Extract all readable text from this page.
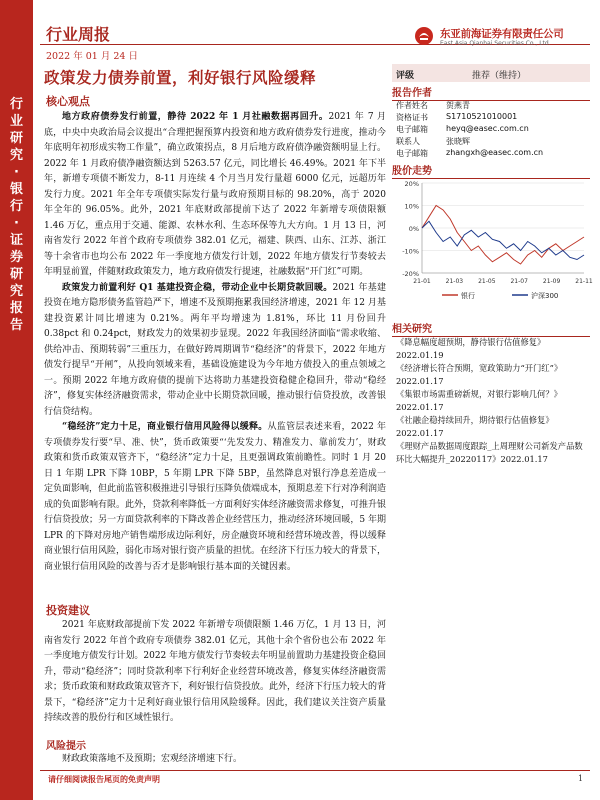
行
业
研
究
·
银
行
·
证
券
研
究
报
告
行业周报
2022 年 01 月 24 日
东亚前海证券有限责任公司
East Asia Qianhai Securities Co., Ltd.
政策发力债券前置，利好银行风险缓释
核心观点

地方政府债券发行前置，静待 2022 年 1 月社融数据再回升。2021 年 7 月底，中央中央政治局会议提出“合理把握预算内投资和地方政府债券发行进度，推动今年底明年初形成实物工作量”，确立政策拐点，8 月后地方政府债净融资额明显上行。2022 年 1 月政府债净融资额达到 5263.57 亿元，同比增长 46.49%。2021 年下半年，新增专项债不断发力，8-11 月连续 4 个月当月发行量超 6000 亿元，远超历年发行力度。2021 年全年专项债实际发行量与政府预期目标的 98.20%，高于 2020 年全年的 96.05%。此外，2021 年底财政部提前下达了 2022 年新增专项债限额 1.46 万亿，重点用于交通、能源、农林水利、生态环保等九大方向。1 月 13 日，河南省发行 2022 年首个政府专项债券 382.01 亿元，福建、陕西、山东、江苏、浙江等十余省市也均公布 2022 年一季度地方债发行计划，2022 年地方债发行节奏较去年明显前置，伴随财政政策发力，地方政府债发行提速，社融数据“开门红”可期。

政策发力前置利好 Q1 基建投资企稳，带动企业中长期贷款回暖。2021 年基建投资在地方隐形债务监管趋严下，增速不及预期拖累我国经济增速，2021 年 12 月基建投资累计同比增速为 0.21%。两年平均增速为 1.81%，环比 11 月份回升 0.38pct 和 0.24pct，财政发力的效果初步显现。2022 年我国经济面临“需求收缩、供给冲击、预期转弱”三重压力，在做好跨周期调节“稳经济”的背景下，2022 年地方债发行提早“开闸”，从投向领域来看，基础设施建设为今年地方债投入的重点领域之一。预期 2022 年地方政府债的提前下达将助力基建投资稳健企稳回升，带动“稳经济”，修复实体经济融资需求，带动企业中长期贷款回暖，推动银行信贷投放，改善银行信贷结构。

“稳经济”定力十足，商业银行信用风险得以缓释。从监管层表述来看，2022 年专项债券发行要“早、准、快”，货币政策要“‘先发发力、精准发力、靠前发力’，财政政策和货币政策双管齐下，“稳经济”定力十足，且更强调政策前瞻性。同时 1 月 20 日 1 年期 LPR 下降 10BP，5 年期 LPR 下降 5BP，虽然降息对银行净息差造成一定负面影响，但此前监管积极推进引导银行压降负债端成本，预期息差下行对净利润造成的负面影响有限。此外，贷款利率降低一方面利好实体经济融资需求修复，可推升银行信贷投放；另一方面贷款利率的下降改善企业经营压力，推动经济环境回暖，5 年期 LPR 的下降对房地产销售端形成边际利好，房企融资环境和经营环境改善，得以缓释商业银行信用风险，弱化市场对银行资产质量的担忧。在经济下行压力较大的背景下，商业银行信用风险的改善与否才是影响银行基本面的关键因素。

投资建议

2021 年底财政部提前下发 2022 年新增专项债限额 1.46 万亿，1 月 13 日，河南省发行 2022 年首个政府专项债券 382.01 亿元，其他十余个省份也公布 2022 年一季度地方债发行计划。2022 年地方债发行节奏较去年明显前置助力基建投资企稳回升，带动“稳经济”；同时贷款利率下行利好企业经营环境改善，修复实体经济融资需求；货币政策和财政政策双管齐下，利好银行信贷投放。此外，经济下行压力较大的背景下，“稳经济”定力十足利好商业银行信用风险缓释。因此，我们建议关注资产质量持续改善的股份行和区域性银行。

风险提示

财政政策落地不及预期；宏观经济增速下行。

评级	推荐（维持）
报告作者
作者姓名 贺燕青
资格证书 S1710521010001
电子邮箱 heyq@easec.com.cn
联系人	张晓辉
电子邮箱 zhangxh@easec.com.cn
股价走势
20%
10%
0%
-10%
-20%
21-01 21-03 21-05 21-07 21-09 21-11
银行	沪深300
相关研究
《降息幅度超预期，静待银行估值修复》2022.01.19
《经济增长符合预期，宽政策助力“开门红”》 2022.01.17
《集银市场需重磅新规，对银行影响几何？》 2022.01.17
《社融企稳持续回升，期待银行估值修复》 2022.01.17
《理财产品数据周度跟踪_上周理财公司新发产品数环比大幅提升_20220117》2022.01.17
请仔细阅读报告尾页的免责声明	1
